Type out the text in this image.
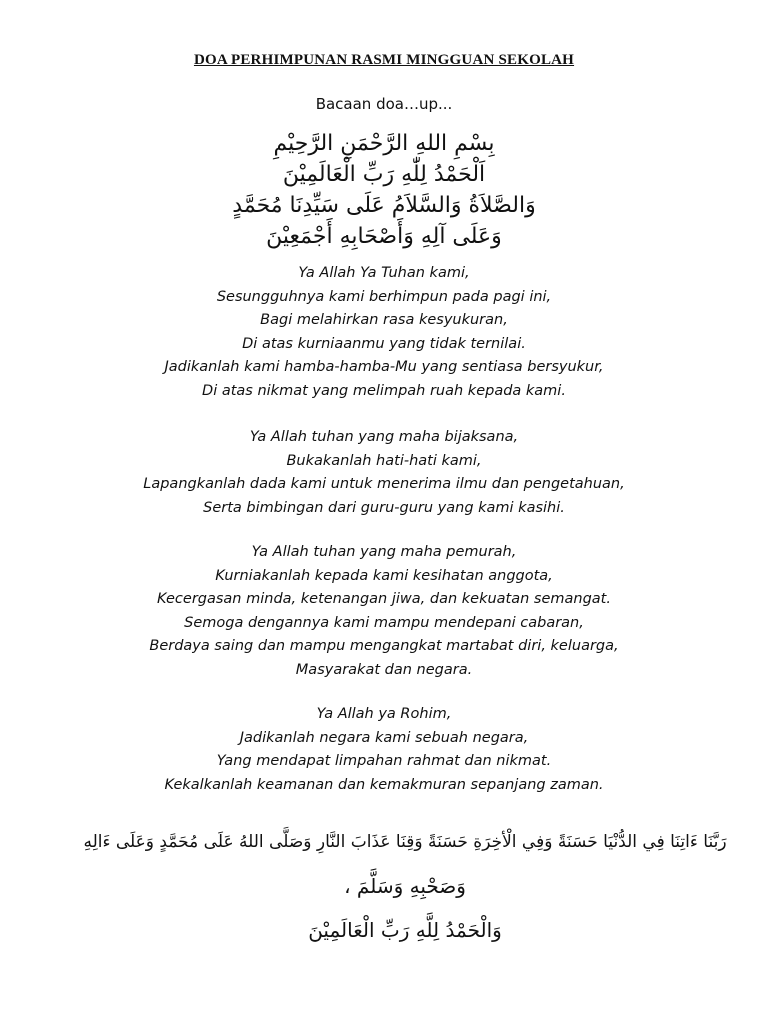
DOA PERHIMPUNAN RASMI MINGGUAN SEKOLAH
Bacaan doa…up...
بِسْمِ اللهِ الرَّحْمَنِ الرَّحِيْمِ
اَلْحَمْدُ لِلّٰهِ رَبِّ الْعَالَمِيْنَ
وَالصَّلاَةُ وَالسَّلاَمُ عَلَى سَيِّدِنَا مُحَمَّدٍ
وَعَلَى آلِهِ وَأَصْحَابِهِ أَجْمَعِيْنَ
Ya Allah Ya Tuhan kami,
Sesungguhnya kami berhimpun pada pagi ini,
Bagi melahirkan rasa kesyukuran,
Di atas kurniaanmu yang tidak ternilai.
Jadikanlah kami hamba-hamba-Mu yang sentiasa bersyukur,
Di atas nikmat yang melimpah ruah kepada kami.
Ya Allah tuhan yang maha bijaksana,
Bukakanlah hati-hati kami,
Lapangkanlah dada kami untuk menerima ilmu dan pengetahuan,
Serta bimbingan dari guru-guru yang kami kasihi.
Ya Allah tuhan yang maha pemurah,
Kurniakanlah kepada kami kesihatan anggota,
Kecergasan minda, ketenangan jiwa, dan kekuatan semangat.
Semoga dengannya kami mampu mendepani cabaran,
Berdaya saing dan mampu mengangkat martabat diri, keluarga,
Masyarakat dan negara.
Ya Allah ya Rohim,
Jadikanlah negara kami sebuah negara,
Yang mendapat limpahan rahmat dan nikmat.
Kekalkanlah keamanan dan kemakmuran sepanjang zaman.
رَبَّنَا ءَاتِنَا فِي الدُّنْيَا حَسَنَةً وَفِي الْأخِرَةِ حَسَنَةً وَقِنَا عَذَابَ النَّارِ وَصَلَّى اللهُ عَلَى مُحَمَّدٍ وَعَلَى ءَالِهِ
وَصَحْبِهِ وَسَلَّمَ ،
وَالْحَمْدُ لِلَّهِ رَبِّ الْعَالَمِيْنَ
